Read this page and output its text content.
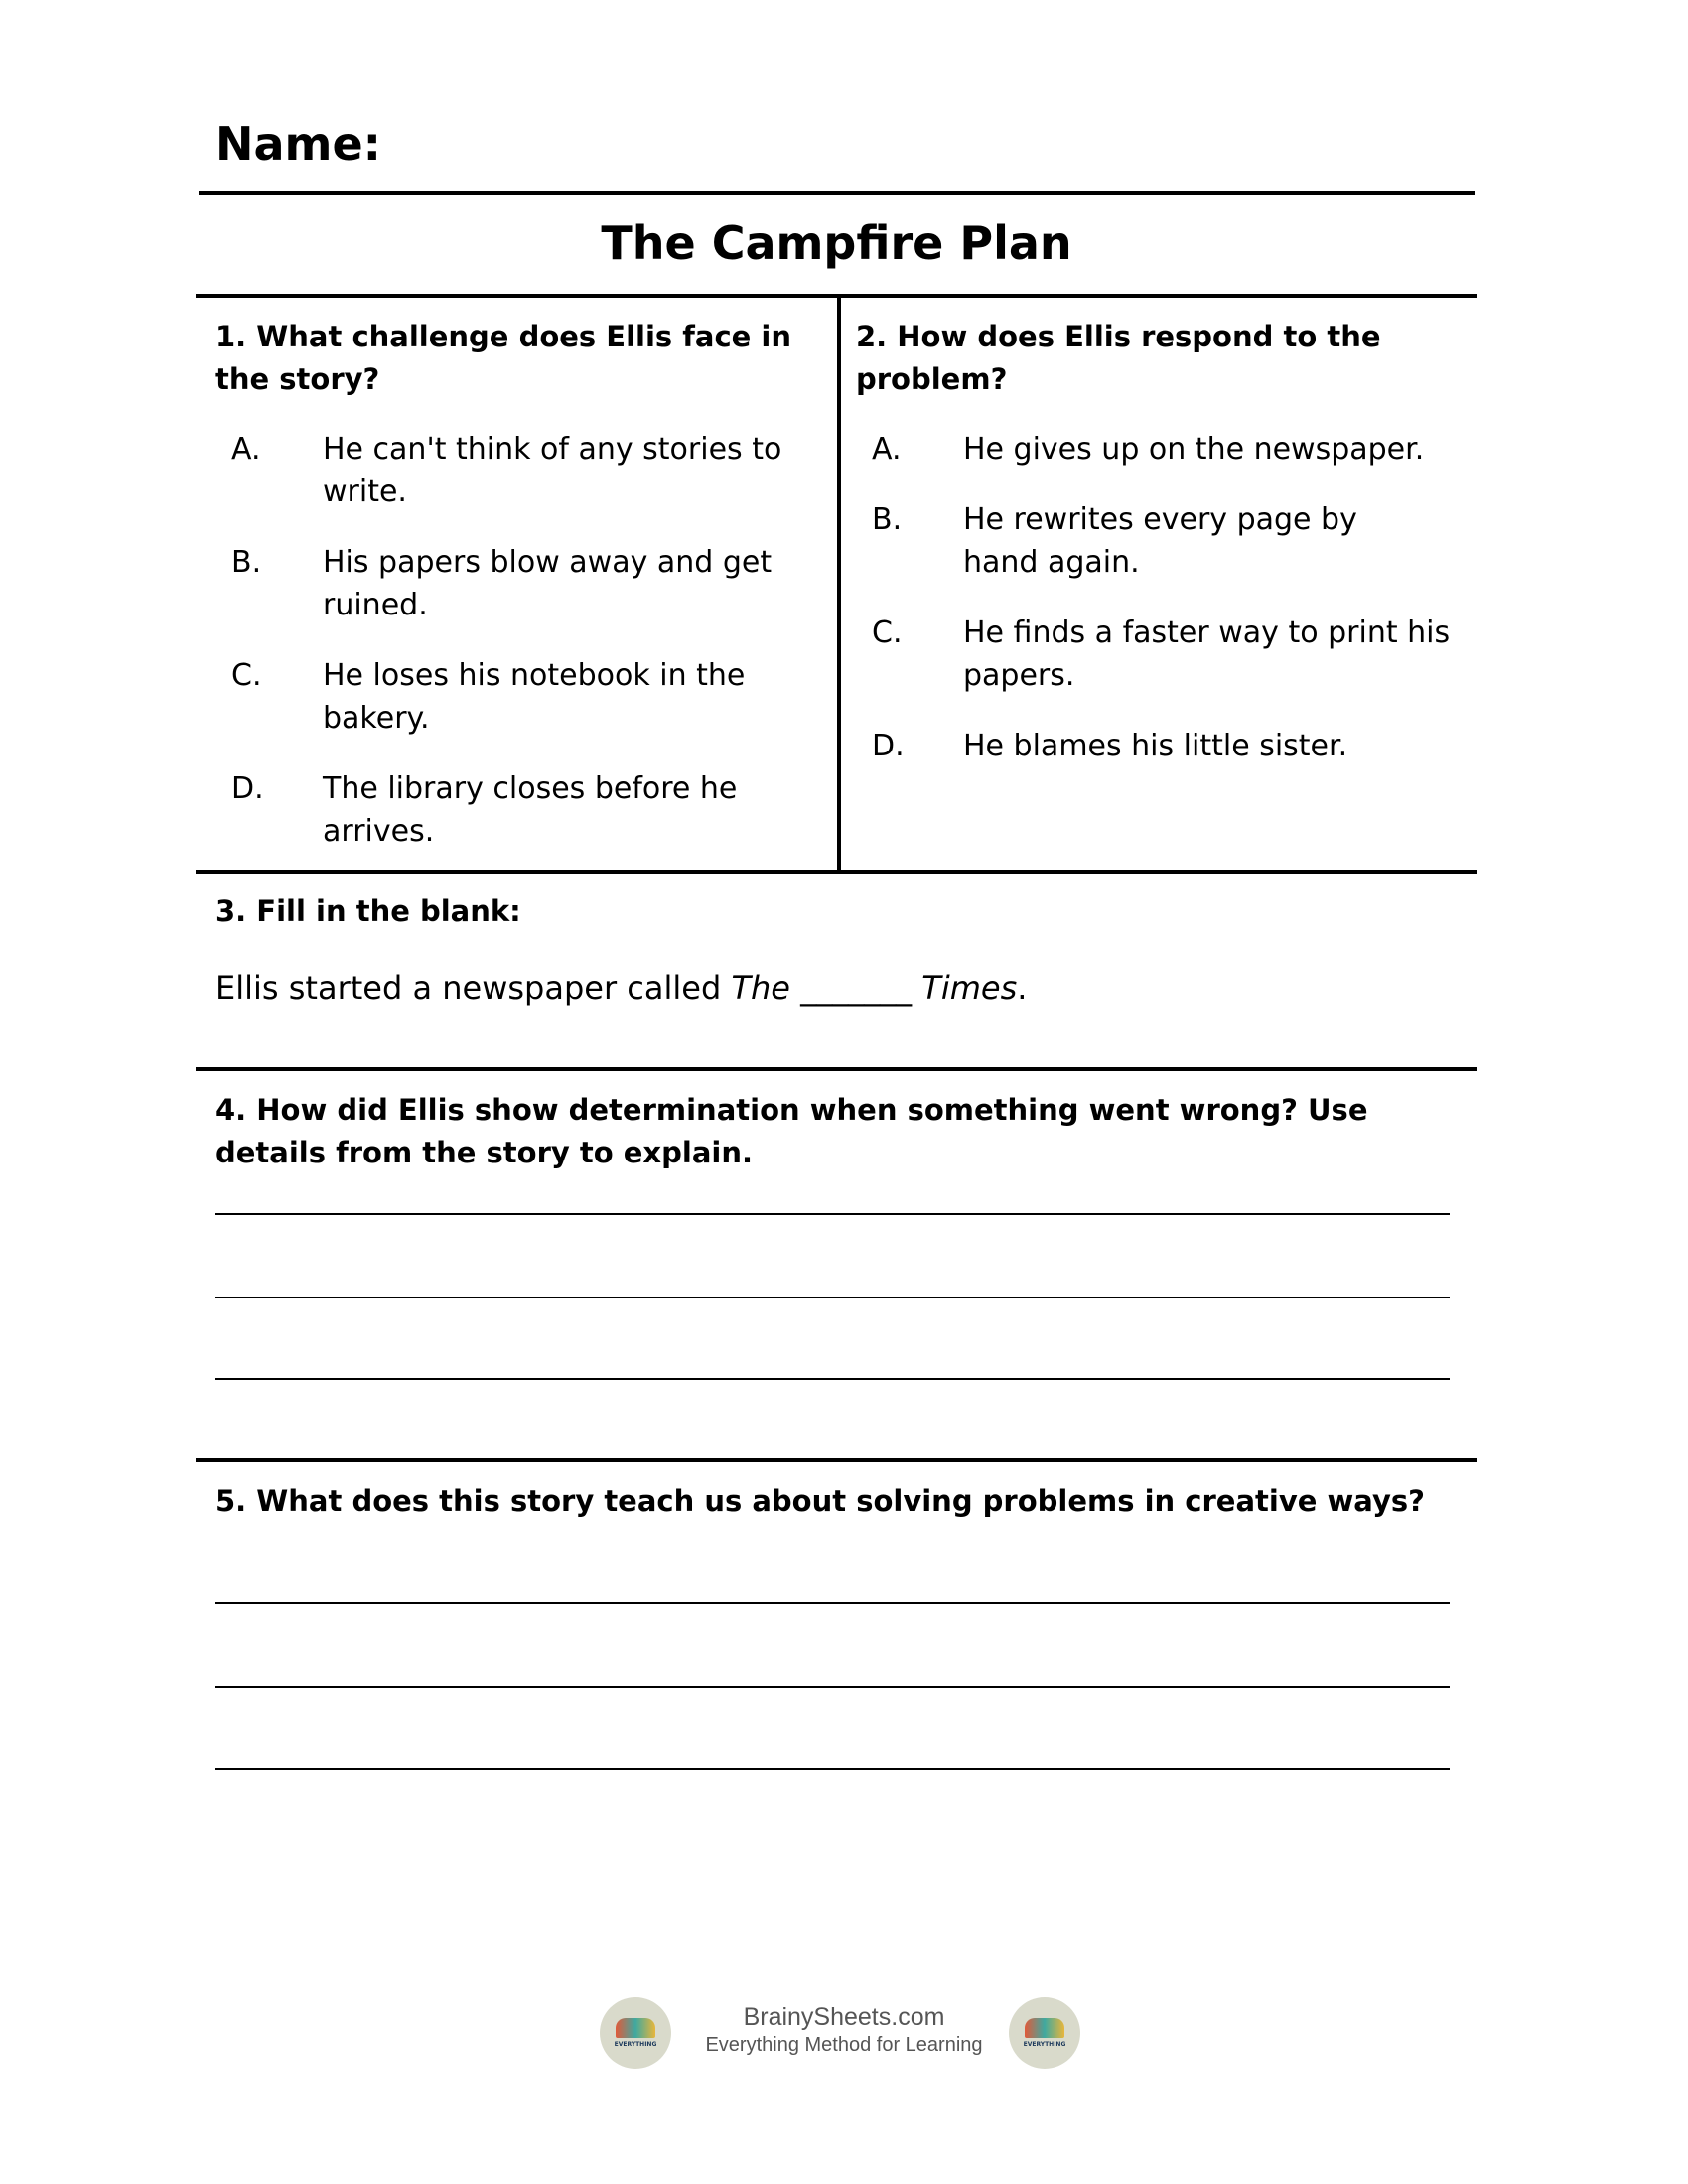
Name:
The Campfire Plan
1. What challenge does Ellis face in the story?
A. He can't think of any stories to write.
B. His papers blow away and get ruined.
C. He loses his notebook in the bakery.
D. The library closes before he arrives.
2. How does Ellis respond to the problem?
A. He gives up on the newspaper.
B. He rewrites every page by hand again.
C. He finds a faster way to print his papers.
D. He blames his little sister.
3. Fill in the blank:
Ellis started a newspaper called The _______ Times.
4. How did Ellis show determination when something went wrong? Use details from the story to explain.
5. What does this story teach us about solving problems in creative ways?
EVERYTHING
BrainySheets.com
Everything Method for Learning	EVERYTHING
